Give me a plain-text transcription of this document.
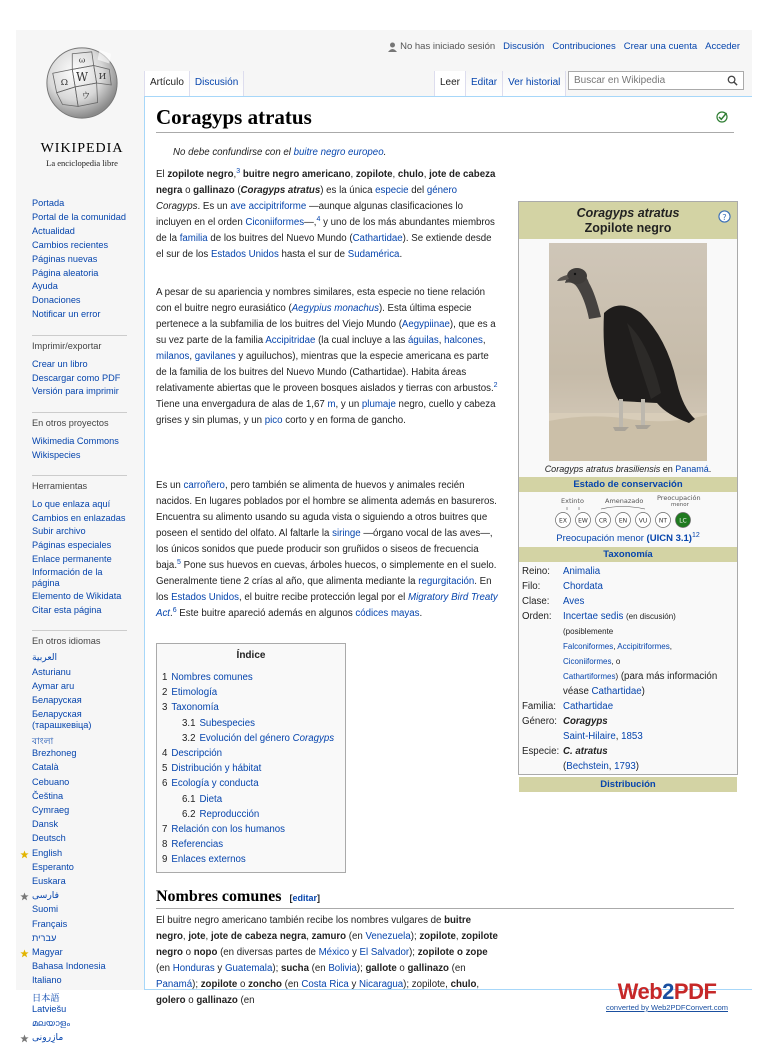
W
Ω
И
ウ
ω
WIKIPEDIA
La enciclopedia libre
No has iniciado sesión Discusión Contribuciones Crear una cuenta Acceder
Artículo	Discusión	Leer	Editar	Ver historial	Buscar en Wikipedia
Portada
Portal de la comunidad
Actualidad
Cambios recientes
Páginas nuevas
Página aleatoria
Ayuda
Donaciones
Notificar un error
Imprimir/exportar
Crear un libro
Descargar como PDF
Versión para imprimir
En otros proyectos
Wikimedia Commons
Wikispecies
Herramientas
Lo que enlaza aquí
Cambios en enlazadas
Subir archivo
Páginas especiales
Enlace permanente
Información de la
página
Elemento de Wikidata
Citar esta página
En otros idiomas
العربية
Asturianu
Aymar aru
Беларуская
Беларуская
(тарашкевіца)
বাংলা
Brezhoneg
Català
Cebuano
Čeština
Cymraeg
Dansk
Deutsch
English
Esperanto
Euskara
فارسی
Suomi
Français
עברית
Magyar
Bahasa Indonesia
Italiano
日本語
Latviešu
മലയാളം
مازِرونی
Coragyps atratus
No debe confundirse con el buitre negro europeo.
El zopilote negro,$^3$ buitre negro americano, zopilote, chulo, jote de cabeza negra o gallinazo (Coragyps atratus) es la única especie del género Coragyps. Es un ave accipitriforme —aunque algunas clasificaciones lo incluyen en el orden Ciconiiformes—,$^4$ y uno de los más abundantes miembros de la familia de los buitres del Nuevo Mundo (Cathartidae). Se extiende desde el sur de los Estados Unidos hasta el sur de Sudamérica.
A pesar de su apariencia y nombres similares, esta especie no tiene relación con el buitre negro eurasiático (Aegypius monachus). Esta última especie pertenece a la subfamilia de los buitres del Viejo Mundo (Aegypiinae), que es a su vez parte de la familia Accipitridae (la cual incluye a las águilas, halcones, milanos, gavilanes y aguiluchos), mientras que la especie americana es parte de la familia de los buitres del Nuevo Mundo (Cathartidae). Habita áreas relativamente abiertas que le proveen bosques aislados y tierras con arbustos.$^2$ Tiene una envergadura de alas de 1,67 m, y un plumaje negro, cuello y cabeza grises y sin plumas, y un pico corto y en forma de gancho.
Es un carroñero, pero también se alimenta de huevos y animales recién nacidos. En lugares poblados por el hombre se alimenta además en basureros. Encuentra su alimento usando su aguda vista o siguiendo a otros buitres que poseen el sentido del olfato. Al faltarle la siringe —órgano vocal de las aves—, los únicos sonidos que puede producir son gruñidos o siseos de frecuencia baja.$^5$ Pone sus huevos en cuevas, árboles huecos, o simplemente en el suelo. Generalmente tiene 2 crías al año, que alimenta mediante la regurgitación. En los Estados Unidos, el buitre recibe protección legal por el Migratory Bird Treaty Act.$^6$ Este buitre apareció además en algunos códices mayas.
Coragyps atratus
Zopilote negro
?
Coragyps atratus brasiliensis en Panamá.
Estado de conservación
Extinto	Amenazado Preocupación
menor
EX EW CR EN VU NT LC
Preocupación menor (UICN 3.1)$^{12}$
Taxonomía
Reino:	Animalia
Filo:	Chordata
Clase:	Aves
Orden:	Incertae sedis (en discusión)
(posiblemente
Falconiformes, Accipitriformes,
Ciconiiformes, o
Cathartiformes) (para más información véase Cathartidae)
Familia: Cathartidae
Género: Coragyps
Saint-Hilaire, 1853
Especie: C. atratus
(Bechstein, 1793)
Distribución
Índice
1 Nombres comunes
2 Etimología
3 Taxonomía
3.1 Subespecies
3.2 Evolución del género Coragyps
4 Descripción
5 Distribución y hábitat
6 Ecología y conducta
6.1 Dieta
6.2 Reproducción
7 Relación con los humanos
8 Referencias
9 Enlaces externos
Nombres comunes [editar]
El buitre negro americano también recibe los nombres vulgares de buitre negro, jote, jote de cabeza negra, zamuro (en Venezuela); zopilote, zopilote negro o nopo (en diversas partes de México y El Salvador); zopilote o zope (en Honduras y Guatemala); sucha (en Bolivia); gallote o gallinazo (en Panamá); zopilote o zoncho (en Costa Rica y Nicaragua); zopilote, chulo, golero o gallinazo (en	Web2PDF
converted by Web2PDFConvert.com
